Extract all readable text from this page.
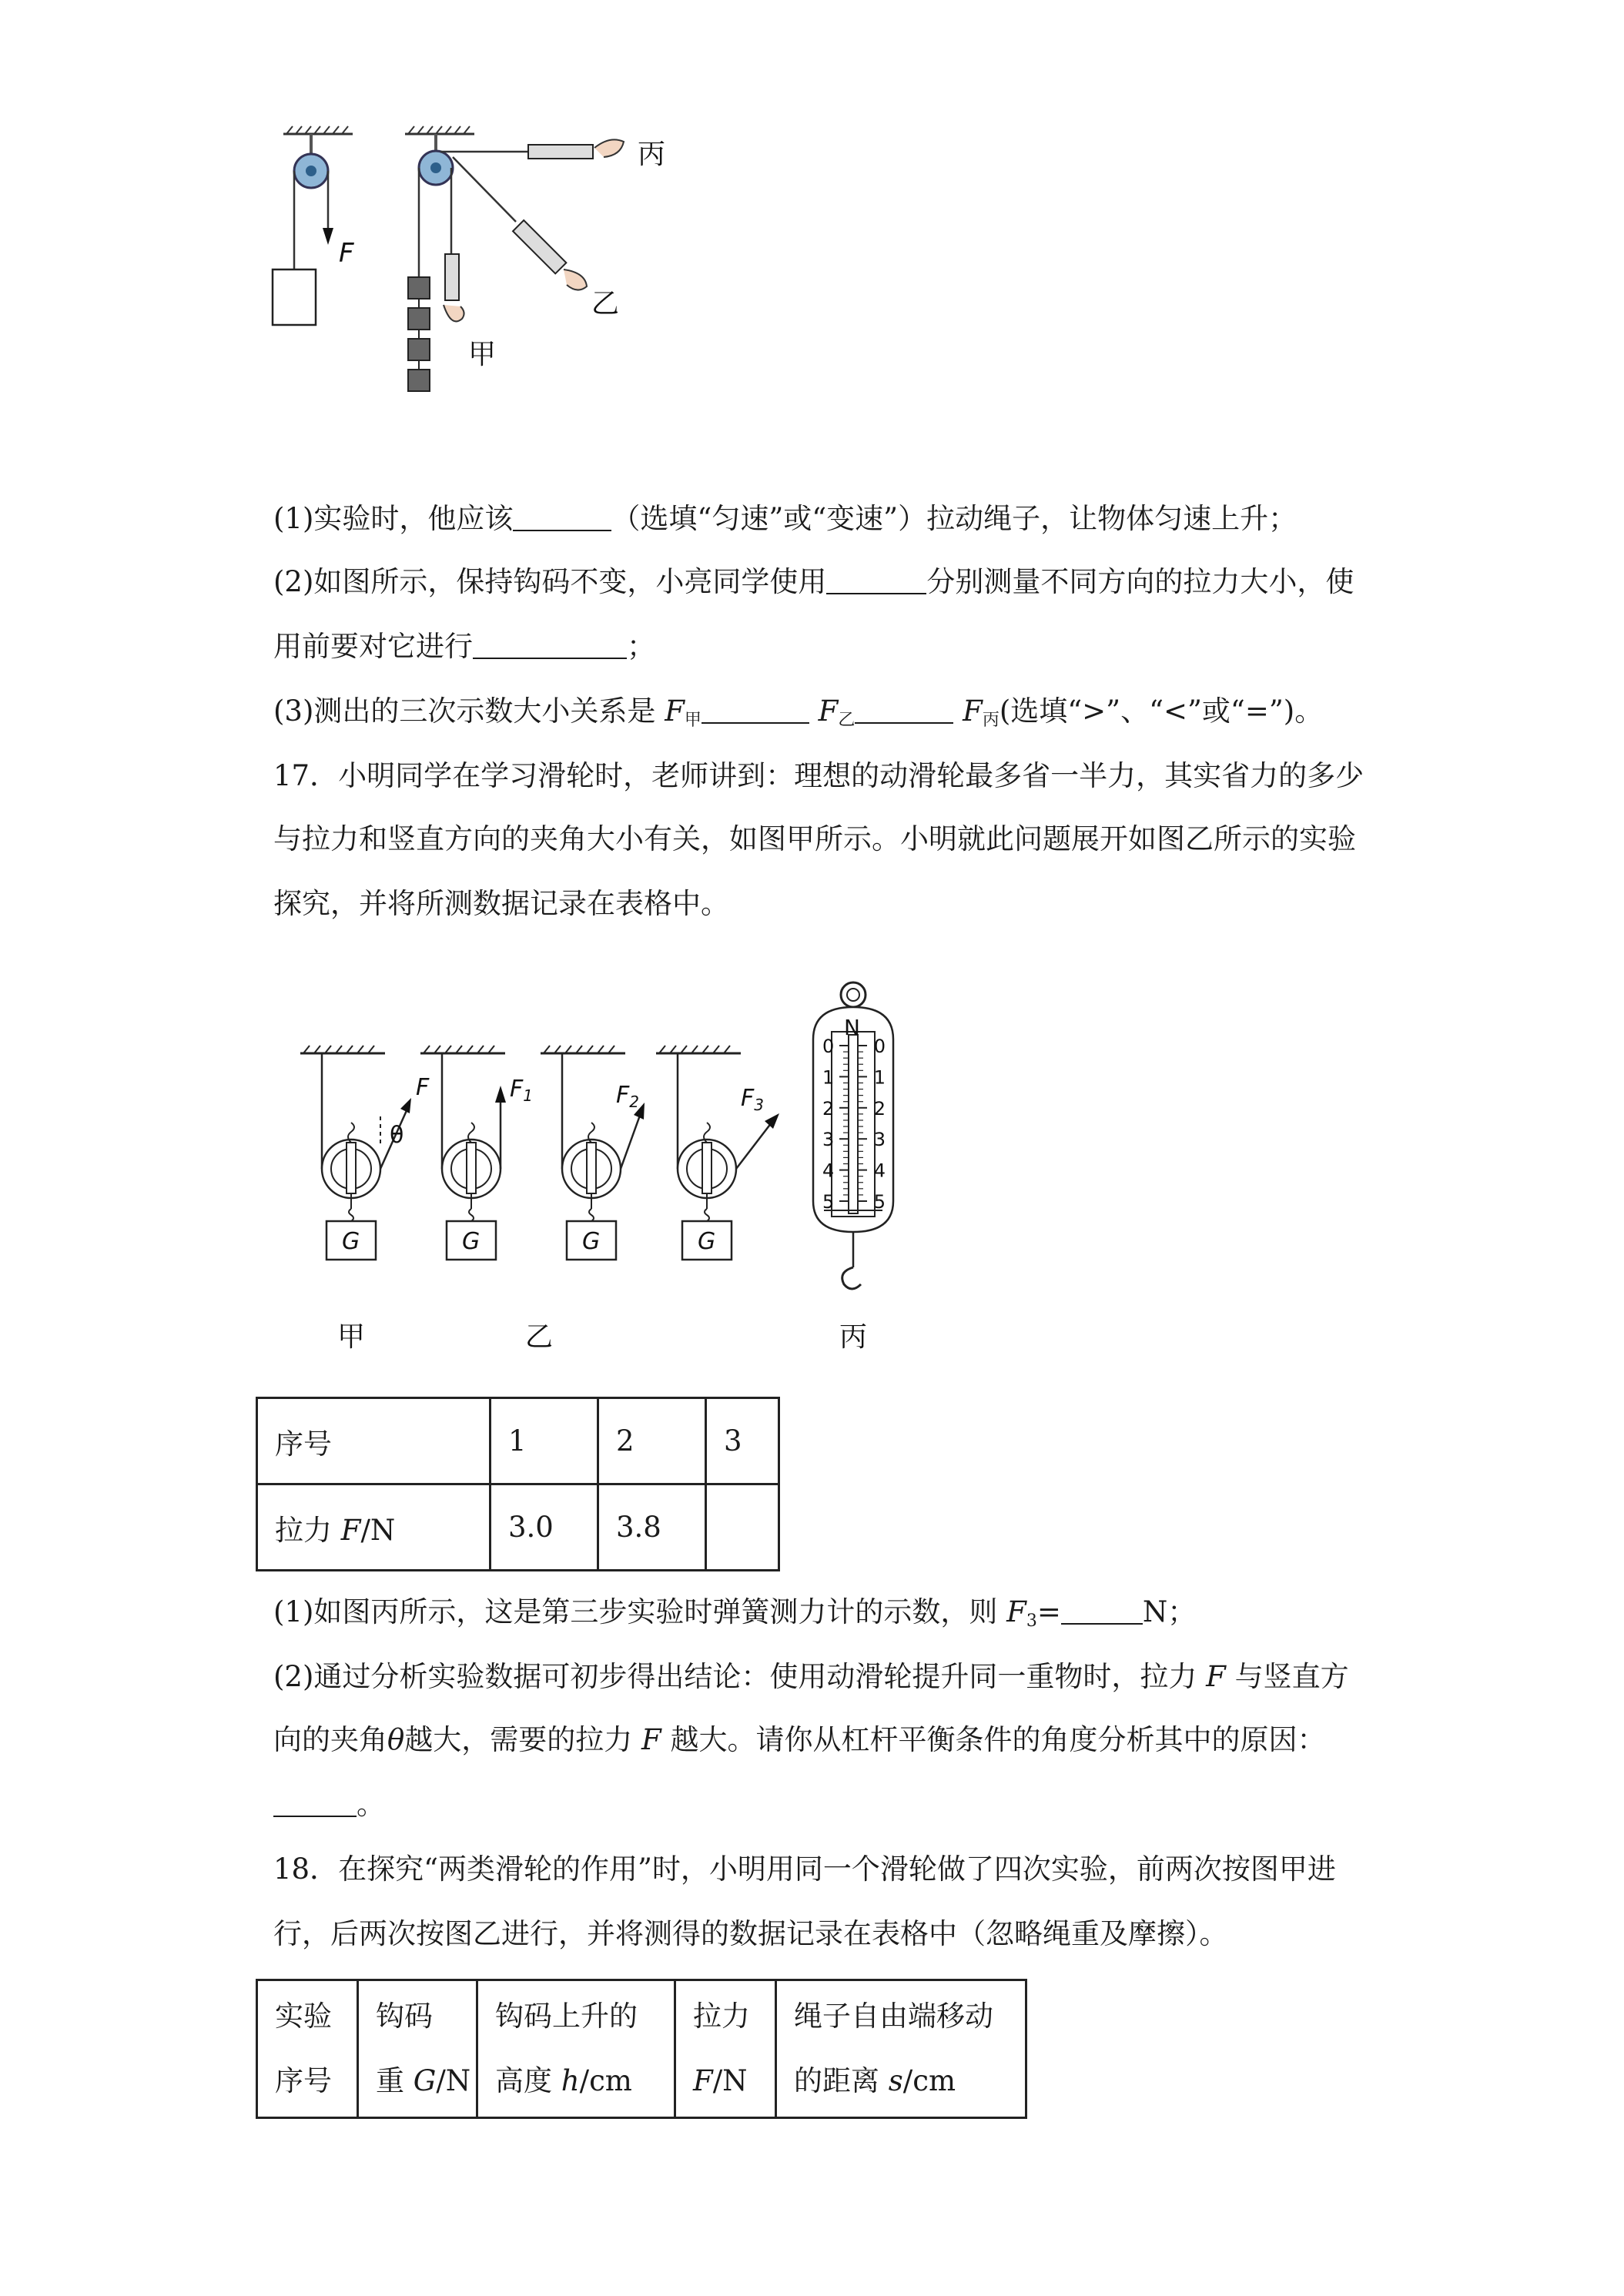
F
甲
乙
丙
(1)实验时，他应该	（选填“匀速”或“变速”）拉动绳子，让物体匀速上升；
(2)如图所示，保持钩码不变，小亮同学使用	分别测量不同方向的拉力大小，使
用前要对它进行	；
(3)测出的三次示数大小关系是 $F_甲$	$F_乙$	$F_丙$(选填“>”、“<”或“=”)。
17．小明同学在学习滑轮时，老师讲到：理想的动滑轮最多省一半力，其实省力的多少
与拉力和竖直方向的夹角大小有关，如图甲所示。小明就此问题展开如图乙所示的实验
探究，并将所测数据记录在表格中。
θ
F
G
$F_1$
G
$F_2$
G
$F_3$
G
N
0 0
1 1
2 2
3 3
4 4
5 5
甲	乙	丙
序号	1	2	3
拉力 F/N	3.0	3.8	
(1)如图丙所示，这是第三步实验时弹簧测力计的示数，则 $F_3=$	N；
(2)通过分析实验数据可初步得出结论：使用动滑轮提升同一重物时，拉力 F 与竖直方
向的夹角θ越大，需要的拉力 F 越大。请你从杠杆平衡条件的角度分析其中的原因：
。
18．在探究“两类滑轮的作用”时，小明用同一个滑轮做了四次实验，前两次按图甲进
行，后两次按图乙进行，并将测得的数据记录在表格中（忽略绳重及摩擦）。
实验
序号

钩码
重 G/N

钩码上升的
高度 h/cm

拉力
F/N

绳子自由端移动
的距离 s/cm
